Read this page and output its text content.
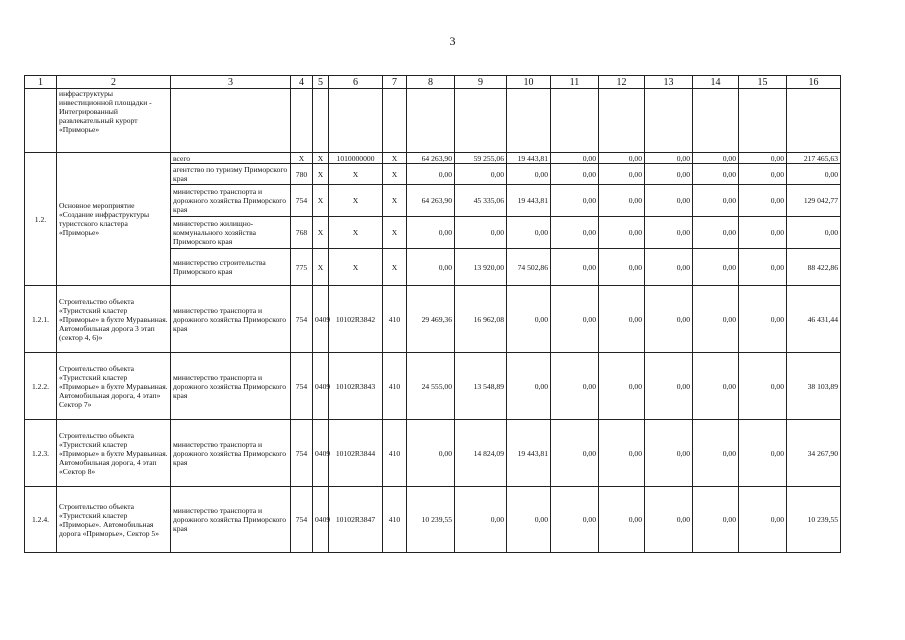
3
1	2	3	4	5	6	7	8	9	10	11	12	13	14	15	16
	инфраструктуры инвестиционной площадки - Интегрированный развлекательный курорт «Приморье»														
1.2.	Основное мероприятие «Создание инфраструктуры туристского кластера «Приморье»	всего	Х	Х	1010000000	Х	64 263,90	59 255,06	19 443,81	0,00	0,00	0,00	0,00	0,00	217 465,63
		агентство по туризму Приморского края	780	Х	Х	Х	0,00	0,00	0,00	0,00	0,00	0,00	0,00	0,00	0,00
		министерство транспорта и дорожного хозяйства Приморского края	754	Х	Х	Х	64 263,90	45 335,06	19 443,81	0,00	0,00	0,00	0,00	0,00	129 042,77
		министерство жилищно-коммунального хозяйства Приморского края	768	Х	Х	Х	0,00	0,00	0,00	0,00	0,00	0,00	0,00	0,00	0,00
		министерство строительства Приморского края	775	Х	Х	Х	0,00	13 920,00	74 502,86	0,00	0,00	0,00	0,00	0,00	88 422,86
1.2.1.	Строительство объекта «Туристский кластер «Приморье» в бухте Муравьиная. Автомобильная дорога 3 этап (сектор 4, 6)»	министерство транспорта и дорожного хозяйства Приморского края	754	0409	10102R3842	410	29 469,36	16 962,08	0,00	0,00	0,00	0,00	0,00	0,00	46 431,44
1.2.2.	Строительство объекта «Туристский кластер «Приморье» в бухте Муравьиная. Автомобильная дорога, 4 этап» Сектор 7»	министерство транспорта и дорожного хозяйства Приморского края	754	0409	10102R3843	410	24 555,00	13 548,89	0,00	0,00	0,00	0,00	0,00	0,00	38 103,89
1.2.3.	Строительство объекта «Туристский кластер «Приморье» в бухте Муравьиная. Автомобильная дорога, 4 этап «Сектор 8»	министерство транспорта и дорожного хозяйства Приморского края	754	0409	10102R3844	410	0,00	14 824,09	19 443,81	0,00	0,00	0,00	0,00	0,00	34 267,90
1.2.4.	Строительство объекта «Туристский кластер «Приморье». Автомобильная дорога «Приморье», Сектор 5»	министерство транспорта и дорожного хозяйства Приморского края	754	0409	10102R3847	410	10 239,55	0,00	0,00	0,00	0,00	0,00	0,00	0,00	10 239,55
